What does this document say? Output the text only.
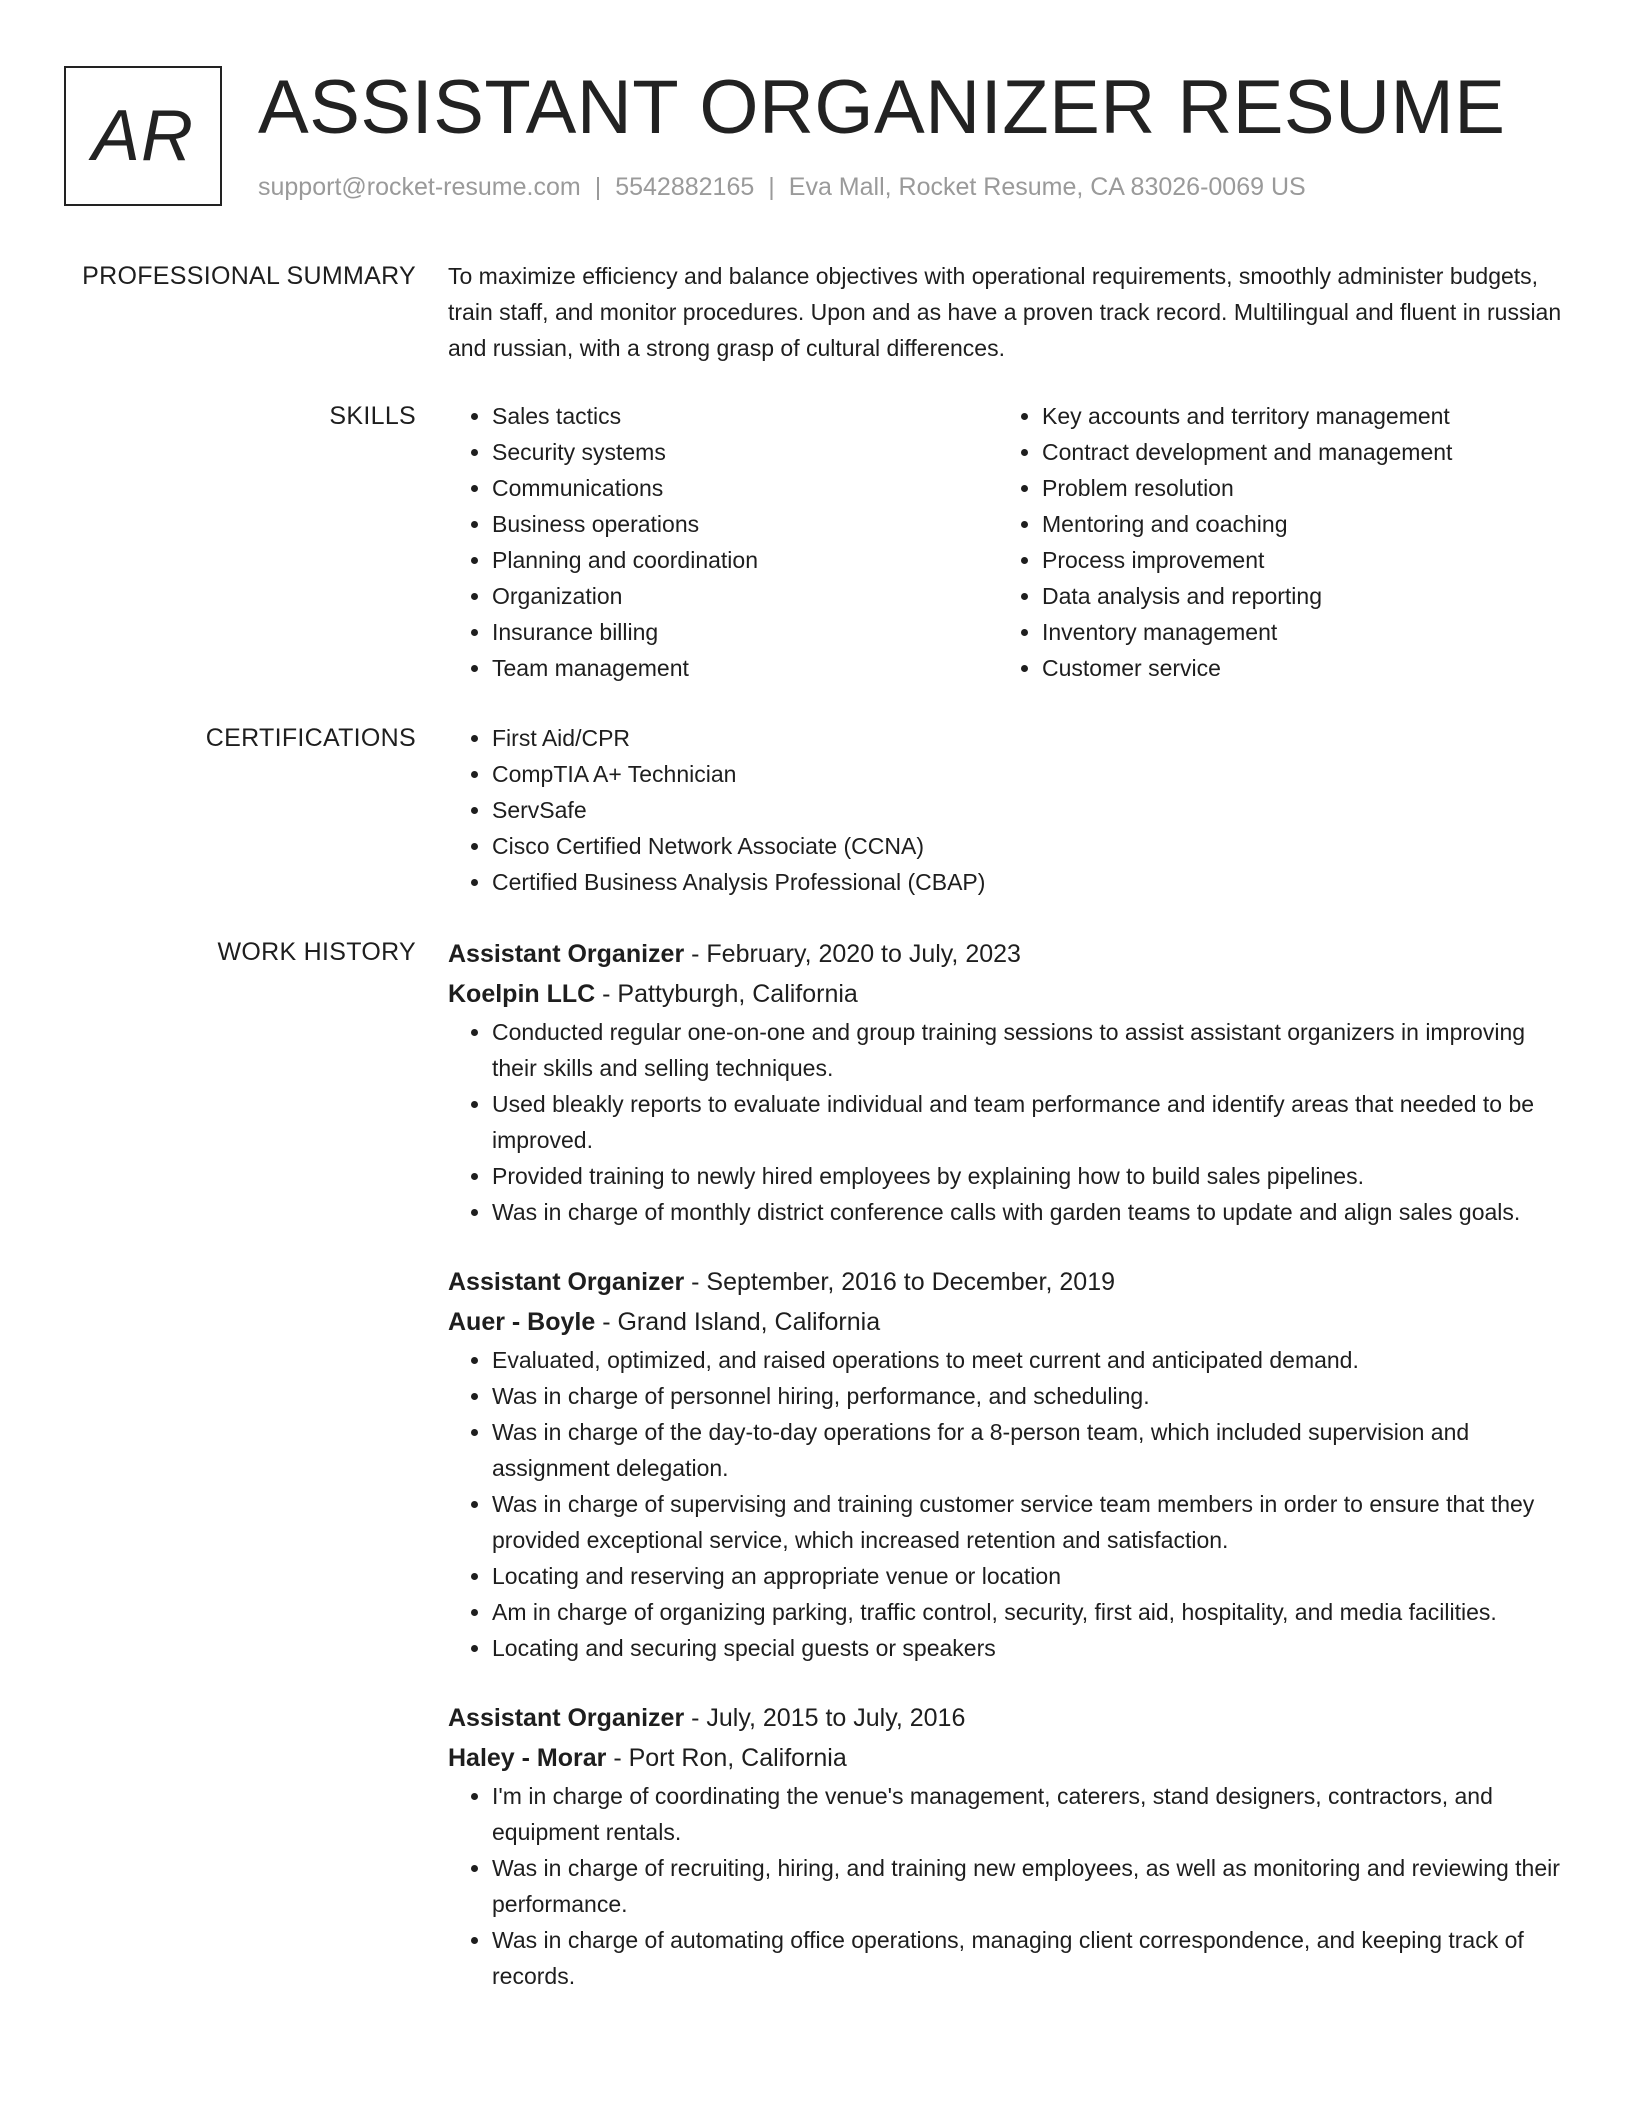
AR ASSISTANT ORGANIZER RESUME
support@rocket-resume.com | 5542882165 | Eva Mall, Rocket Resume, CA 83026-0069 US
PROFESSIONAL SUMMARY To maximize efficiency and balance objectives with operational requirements, smoothly administer budgets, train staff, and monitor procedures. Upon and as have a proven track record. Multilingual and fluent in russian and russian, with a strong grasp of cultural differences.

SKILLS	• Sales tactics
• Security systems
• Communications
• Business operations
• Planning and coordination
• Organization
• Insurance billing
• Team management
• Key accounts and territory management
• Contract development and management
• Problem resolution
• Mentoring and coaching
• Process improvement
• Data analysis and reporting
• Inventory management
• Customer service
CERTIFICATIONS	• First Aid/CPR
• CompTIA A+ Technician
• ServSafe
• Cisco Certified Network Associate (CCNA)
• Certified Business Analysis Professional (CBAP)
WORK HISTORY Assistant Organizer - February, 2020 to July, 2023
Koelpin LLC - Pattyburgh, California
• Conducted regular one-on-one and group training sessions to assist assistant organizers in improving their skills and selling techniques.
• Used bleakly reports to evaluate individual and team performance and identify areas that needed to be improved.
• Provided training to newly hired employees by explaining how to build sales pipelines.
• Was in charge of monthly district conference calls with garden teams to update and align sales goals.
Assistant Organizer - September, 2016 to December, 2019
Auer - Boyle - Grand Island, California
• Evaluated, optimized, and raised operations to meet current and anticipated demand.
• Was in charge of personnel hiring, performance, and scheduling.
• Was in charge of the day-to-day operations for a 8-person team, which included supervision and assignment delegation.
• Was in charge of supervising and training customer service team members in order to ensure that they provided exceptional service, which increased retention and satisfaction.
• Locating and reserving an appropriate venue or location
• Am in charge of organizing parking, traffic control, security, first aid, hospitality, and media facilities.
• Locating and securing special guests or speakers
Assistant Organizer - July, 2015 to July, 2016
Haley - Morar - Port Ron, California
• I'm in charge of coordinating the venue's management, caterers, stand designers, contractors, and equipment rentals.
• Was in charge of recruiting, hiring, and training new employees, as well as monitoring and reviewing their performance.
• Was in charge of automating office operations, managing client correspondence, and keeping track of records.
